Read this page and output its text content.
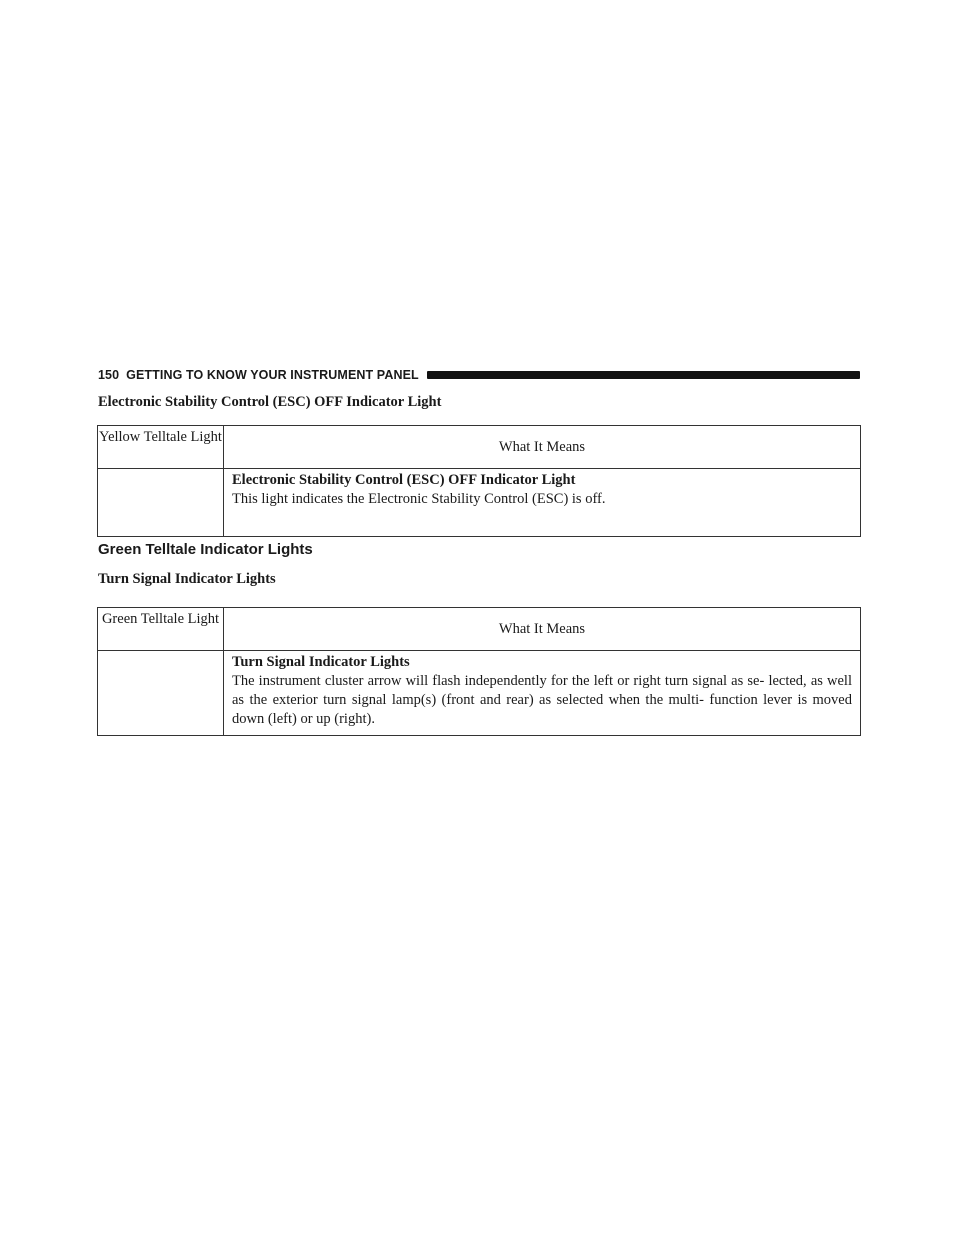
150 GETTING TO KNOW YOUR INSTRUMENT PANEL
Electronic Stability Control (ESC) OFF Indicator Light
Yellow Telltale Light	What It Means

	Electronic Stability Control (ESC) OFF Indicator Light
This light indicates the Electronic Stability Control (ESC) is off.
Green Telltale Indicator Lights
Turn Signal Indicator Lights
Green Telltale Light	What It Means

	Turn Signal Indicator Lights
The instrument cluster arrow will flash independently for the left or right turn signal as se- lected, as well as the exterior turn signal lamp(s) (front and rear) as selected when the multi- function lever is moved down (left) or up (right).
